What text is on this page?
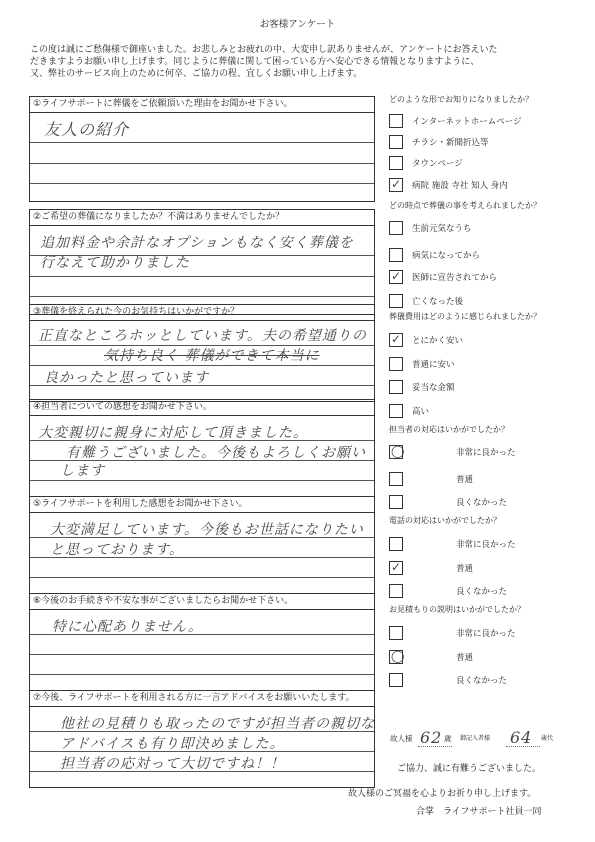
お客様アンケート
この度は誠にご愁傷様で御座いました。お悲しみとお疲れの中、大変申し訳ありませんが、アンケートにお答えいた
だきますようお願い申し上げます。同じように葬儀に関して困っている方へ安心できる情報となりますように、
又、弊社のサービス向上のために何卒、ご協力の程、宜しくお願い申し上げます。
①ライフサポートに葬儀をご依頼頂いた理由をお聞かせ下さい。
友人の紹介
②ご希望の葬儀になりましたか？不満はありませんでしたか？
追加料金や余計なオプションもなく安く葬儀を
行なえて助かりました
③葬儀を終えられた今のお気持ちはいかがですか？
正直なところホッとしています。夫の希望通りの
気持ち良く 葬儀ができて本当に
良かったと思っています
④担当者についての感想をお聞かせ下さい。
大変親切に親身に対応して頂きました。
有難うございました。今後もよろしくお願い
します
⑤ライフサポートを利用した感想をお聞かせ下さい。
大変満足しています。今後もお世話になりたい
と思っております。
⑥今後のお手続きや不安な事がございましたらお聞かせ下さい。
特に心配ありません。
⑦今後、ライフサポートを利用される方に一言アドバイスをお願いいたします。
他社の見積りも取ったのですが担当者の親切な
アドバイスも有り即決めました。
担当者の応対って大切ですね！！
どのような形でお知りになりましたか？
インターネットホームページ
チラシ・新聞折込等
タウンページ
✓ 病院 施設 寺社 知人 身内
どの時点で葬儀の事を考えられましたか？
生前元気なうち
病気になってから
✓ 医師に宣告されてから
亡くなった後
葬儀費用はどのように感じられましたか？
✓ とにかく安い
普通に安い
妥当な金額
高い
担当者の対応はいかがでしたか？
◯	非常に良かった
普通
良くなかった
電話の対応はいかがでしたか？
非常に良かった
✓	普通
良くなかった
お見積もりの説明はいかがでしたか？
非常に良かった
◯	普通
良くなかった
故人様 62 歳 御記入者様 64 歳代
ご協力、誠に有難うございました。
故人様のご冥福を心よりお祈り申し上げます。
合掌　ライフサポート社員一同
